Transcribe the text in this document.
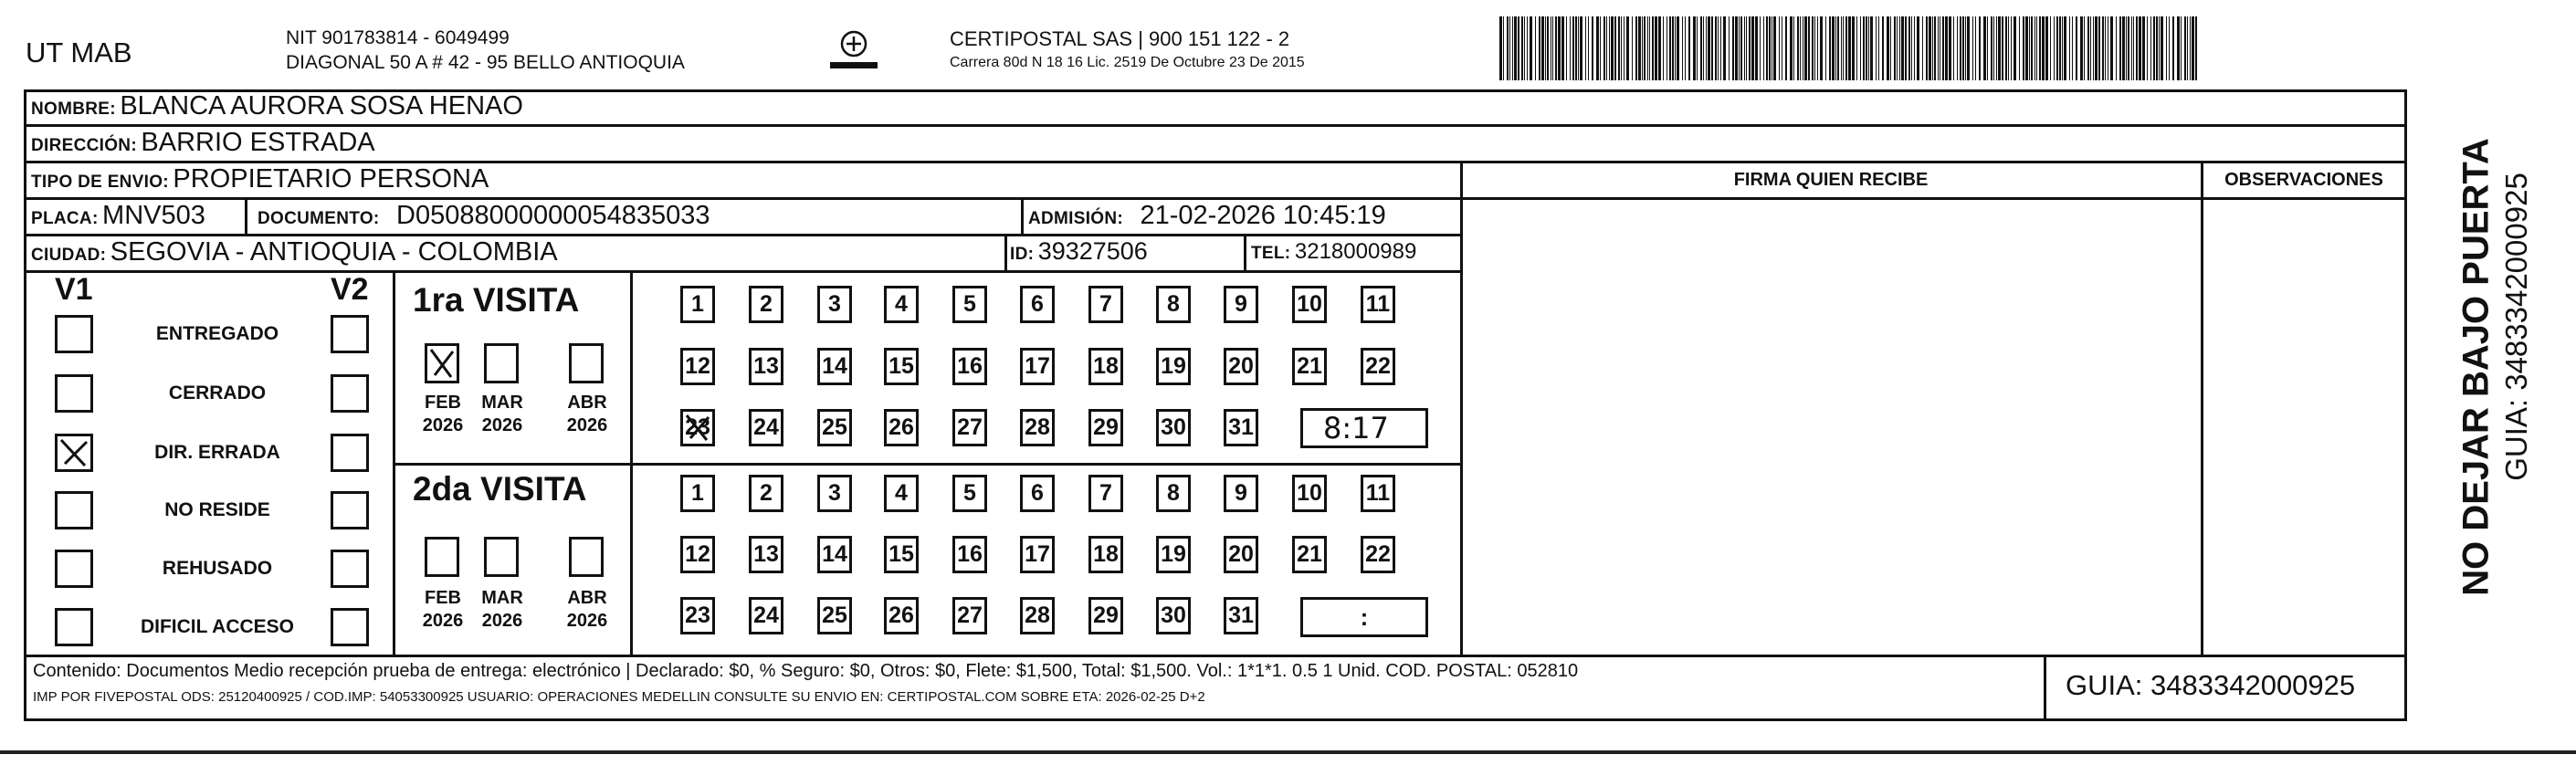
UT MAB	NIT 901783814 - 6049499
DIAGONAL 50 A # 42 - 95 BELLO ANTIOQUIA
CERTIPOSTAL SAS | 900 151 122 - 2
Carrera 80d N 18 16 Lic. 2519 De Octubre 23 De 2015
NOMBRE: BLANCA AURORA SOSA HENAO
DIRECCIÓN: BARRIO ESTRADA
TIPO DE ENVIO: PROPIETARIO PERSONA	FIRMA QUIEN RECIBE	OBSERVACIONES
PLACA: MNV503	DOCUMENTO: D05088000000054835033	ADMISIÓN: 21-02-2026 10:45:19
CIUDAD: SEGOVIA - ANTIOQUIA - COLOMBIA	ID: 39327506	TEL: 3218000989
V1	V2
ENTREGADO
CERRADO
DIR. ERRADA
NO RESIDE
REHUSADO
DIFICIL ACCESO
1ra VISITA
FEB
2026
MAR
2026
ABR
2026
1 2 3 4 5 6 7 8 9 10 11
12 13 14 15 16 17 18 19 20 21 22
23 24 25 26 27 28 29 30 31 8:17
2da VISITA
FEB
2026
MAR
2026
ABR
2026
1 2 3 4 5 6 7 8 9 10 11
12 13 14 15 16 17 18 19 20 21 22
23 24 25 26 27 28 29 30 31	:
Contenido: Documentos Medio recepción prueba de entrega: electrónico | Declarado: $0, % Seguro: $0, Otros: $0, Flete: $1,500, Total: $1,500. Vol.: 1*1*1. 0.5 1 Unid. COD. POSTAL: 052810
IMP POR FIVEPOSTAL ODS: 25120400925 / COD.IMP: 54053300925 USUARIO: OPERACIONES MEDELLIN CONSULTE SU ENVIO EN: CERTIPOSTAL.COM SOBRE ETA: 2026-02-25 D+2	GUIA: 3483342000925
NO DEJAR BAJO PUERTA GUIA: 3483342000925
